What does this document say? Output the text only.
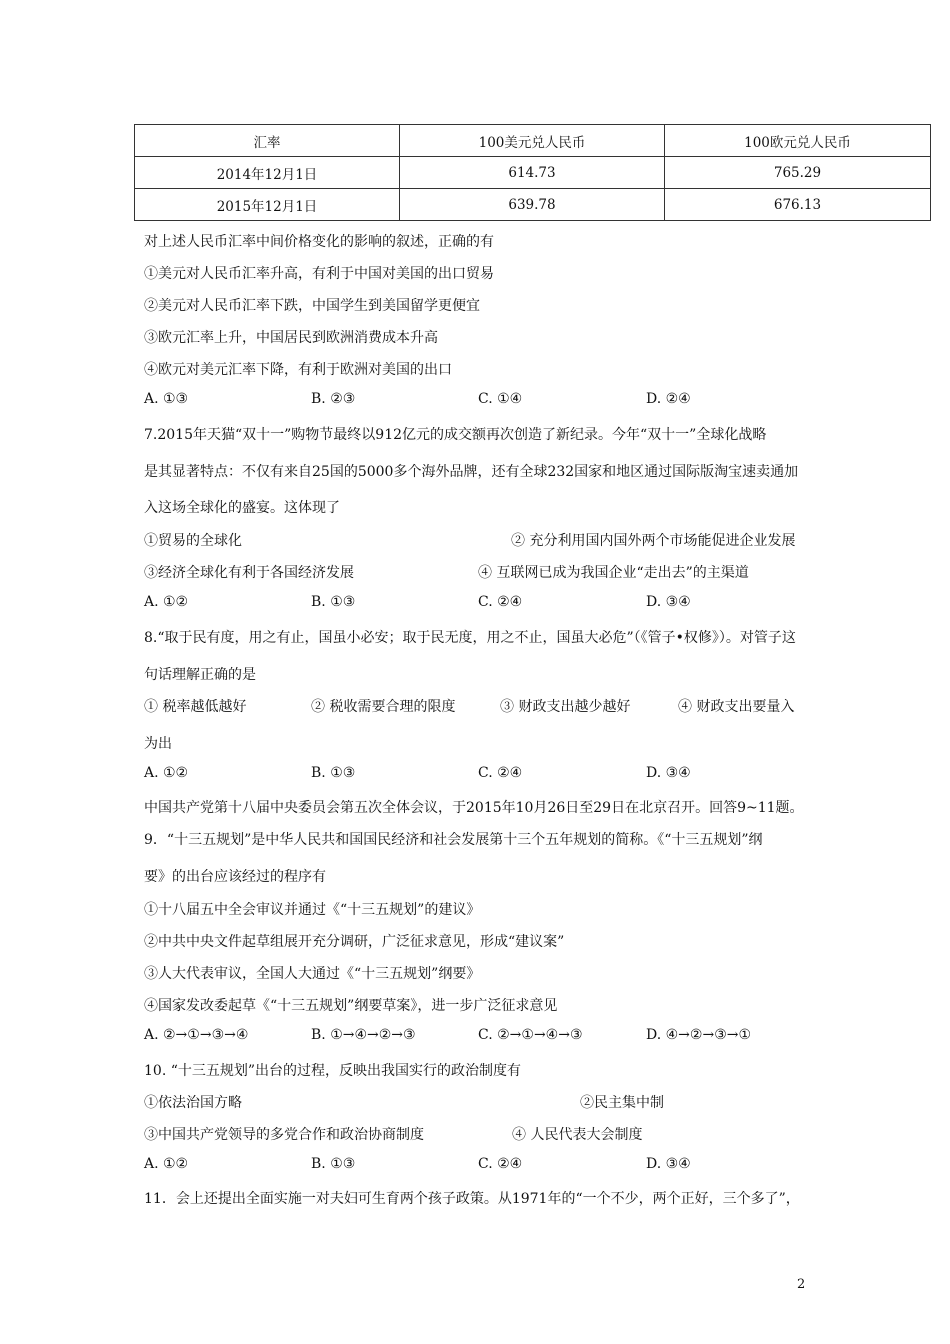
汇率	100美元兑人民币	100欧元兑人民币
2014年12月1日	614.73	765.29
2015年12月1日	639.78	676.13
对上述人民币汇率中间价格变化的影响的叙述，正确的有
①美元对人民币汇率升高，有利于中国对美国的出口贸易
②美元对人民币汇率下跌，中国学生到美国留学更便宜
③欧元汇率上升，中国居民到欧洲消费成本升高
④欧元对美元汇率下降，有利于欧洲对美国的出口
A. ①③	B. ②③	C. ①④	D. ②④
7.2015年天猫“双十一”购物节最终以912亿元的成交额再次创造了新纪录。今年“双十一”全球化战略
是其显著特点：不仅有来自25国的5000多个海外品牌，还有全球232国家和地区通过国际版淘宝速卖通加
入这场全球化的盛宴。这体现了
①贸易的全球化	② 充分利用国内国外两个市场能促进企业发展
③经济全球化有利于各国经济发展	④ 互联网已成为我国企业“走出去”的主渠道
A. ①②	B. ①③	C. ②④	D. ③④
8.“取于民有度，用之有止，国虽小必安；取于民无度，用之不止，国虽大必危”（《管子•权修》）。对管子这
句话理解正确的是
① 税率越低越好	② 税收需要合理的限度	③ 财政支出越少越好	④ 财政支出要量入
为出
A. ①②	B. ①③	C. ②④	D. ③④
中国共产党第十八届中央委员会第五次全体会议，于2015年10月26日至29日在北京召开。回答9~11题。
9．“十三五规划”是中华人民共和国国民经济和社会发展第十三个五年规划的简称。《“十三五规划”纲
要》的出台应该经过的程序有
①十八届五中全会审议并通过《“十三五规划”的建议》
②中共中央文件起草组展开充分调研，广泛征求意见，形成“建议案”
③人大代表审议，全国人大通过《“十三五规划”纲要》
④国家发改委起草《“十三五规划”纲要草案》，进一步广泛征求意见
A. ②→①→③→④	B. ①→④→②→③	C. ②→①→④→③	D. ④→②→③→①
10. “十三五规划”出台的过程，反映出我国实行的政治制度有
①依法治国方略	②民主集中制
③中国共产党领导的多党合作和政治协商制度	④ 人民代表大会制度
A. ①②	B. ①③	C. ②④	D. ③④
11．会上还提出全面实施一对夫妇可生育两个孩子政策。从1971年的“一个不少，两个正好，三个多了”，
2
